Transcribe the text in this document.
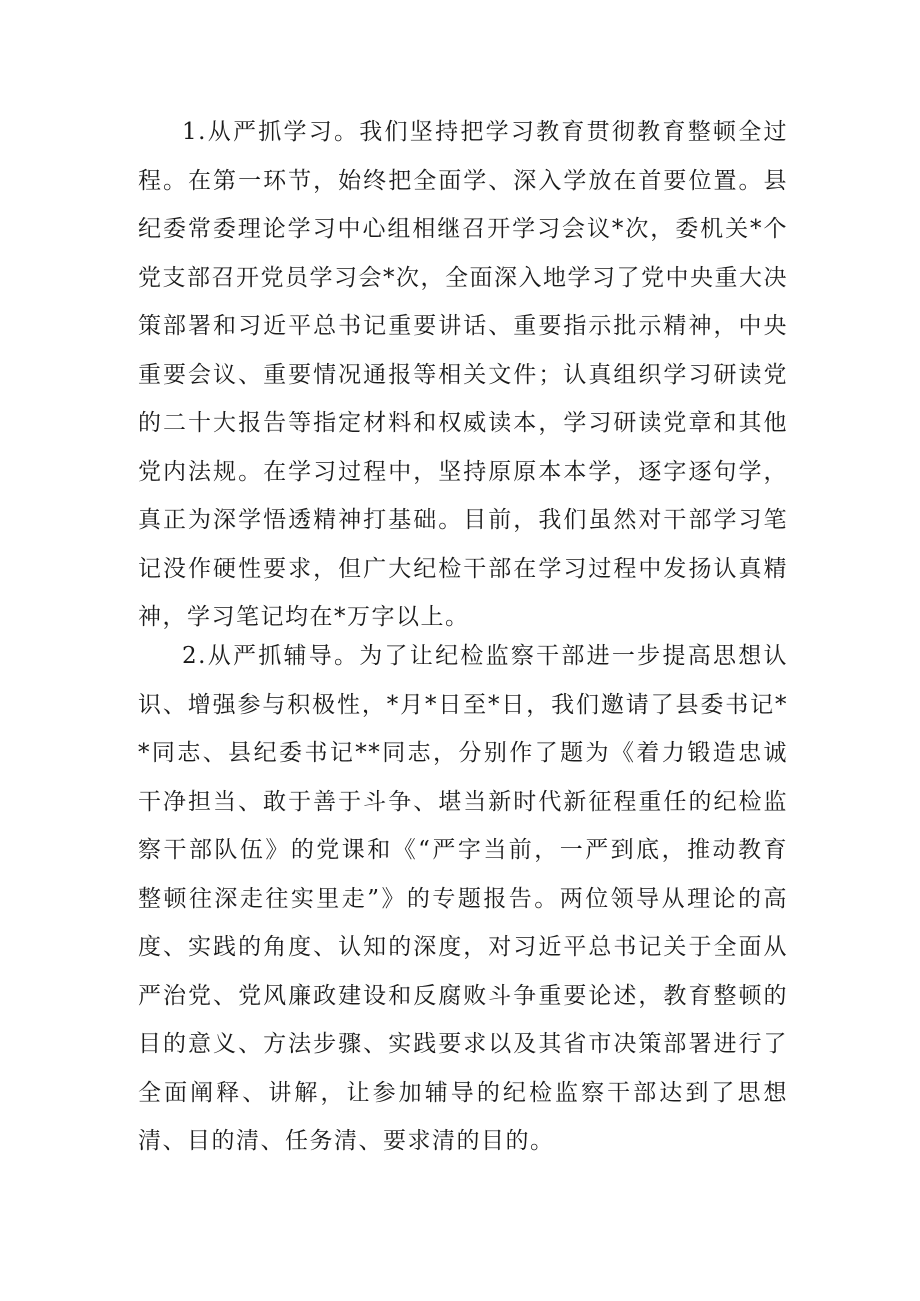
1.从严抓学习。我们坚持把学习教育贯彻教育整顿全过程。在第一环节，始终把全面学、深入学放在首要位置。县纪委常委理论学习中心组相继召开学习会议*次，委机关*个党支部召开党员学习会*次，全面深入地学习了党中央重大决策部署和习近平总书记重要讲话、重要指示批示精神，中央重要会议、重要情况通报等相关文件；认真组织学习研读党的二十大报告等指定材料和权威读本，学习研读党章和其他党内法规。在学习过程中，坚持原原本本学，逐字逐句学，真正为深学悟透精神打基础。目前，我们虽然对干部学习笔记没作硬性要求，但广大纪检干部在学习过程中发扬认真精神，学习笔记均在*万字以上。

2.从严抓辅导。为了让纪检监察干部进一步提高思想认识、增强参与积极性，*月*日至*日，我们邀请了县委书记**同志、县纪委书记**同志，分别作了题为《着力锻造忠诚干净担当、敢于善于斗争、堪当新时代新征程重任的纪检监察干部队伍》的党课和《“严字当前，一严到底，推动教育整顿往深走往实里走”》的专题报告。两位领导从理论的高度、实践的角度、认知的深度，对习近平总书记关于全面从严治党、党风廉政建设和反腐败斗争重要论述，教育整顿的目的意义、方法步骤、实践要求以及其省市决策部署进行了全面阐释、讲解，让参加辅导的纪检监察干部达到了思想清、目的清、任务清、要求清的目的。
